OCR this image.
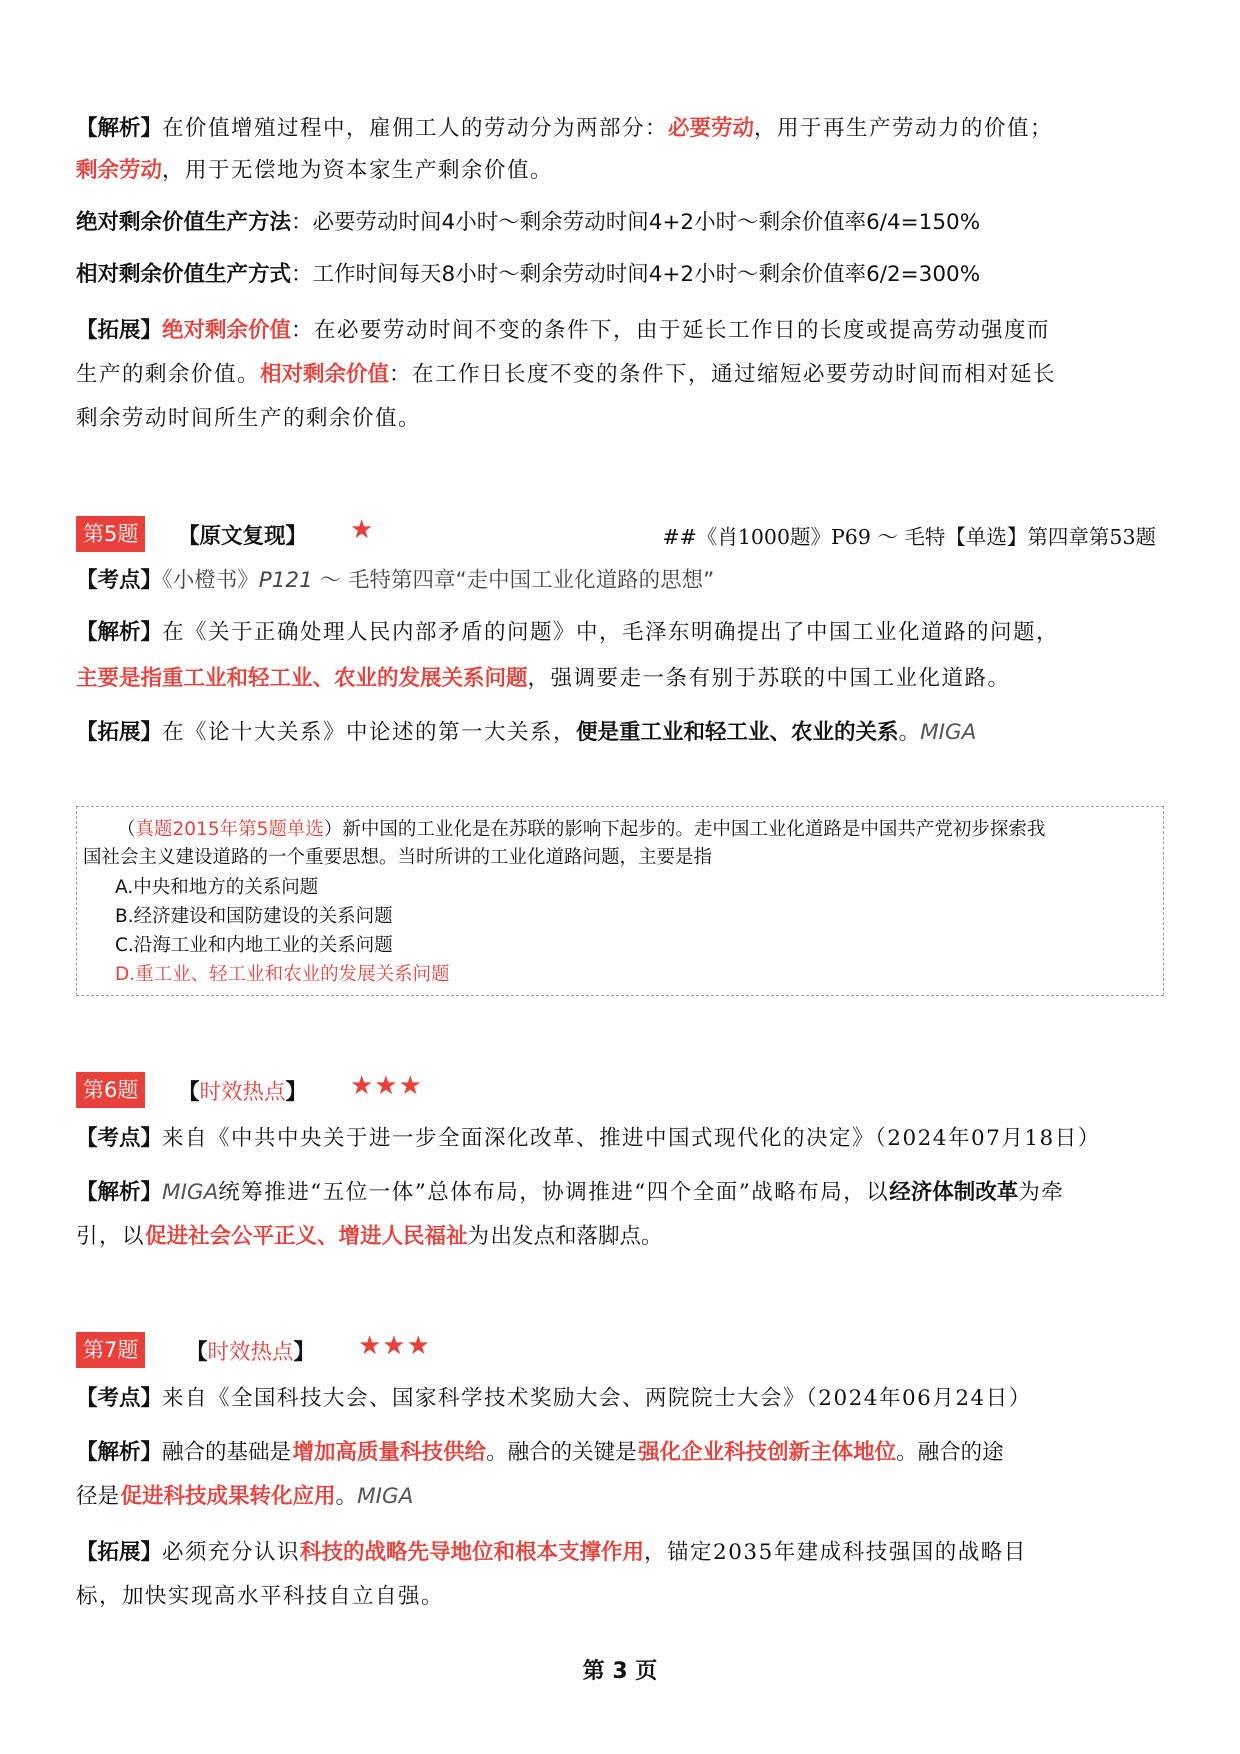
【解析】在价值增殖过程中，雇佣工人的劳动分为两部分：必要劳动，用于再生产劳动力的价值；
剩余劳动，用于无偿地为资本家生产剩余价值。
绝对剩余价值生产方法：必要劳动时间4小时～剩余劳动时间4+2小时～剩余价值率6/4=150%
相对剩余价值生产方式：工作时间每天8小时～剩余劳动时间4+2小时～剩余价值率6/2=300%
【拓展】绝对剩余价值：在必要劳动时间不变的条件下，由于延长工作日的长度或提高劳动强度而
生产的剩余价值。相对剩余价值：在工作日长度不变的条件下，通过缩短必要劳动时间而相对延长
剩余劳动时间所生产的剩余价值。
第5题	【原文复现】 ★	##《肖1000题》P69 ～ 毛特【单选】第四章第53题
【考点】《小橙书》P121 ～ 毛特第四章“走中国工业化道路的思想”
【解析】在《关于正确处理人民内部矛盾的问题》中，毛泽东明确提出了中国工业化道路的问题，
主要是指重工业和轻工业、农业的发展关系问题，强调要走一条有别于苏联的中国工业化道路。
【拓展】在《论十大关系》中论述的第一大关系，便是重工业和轻工业、农业的关系。MIGA
（真题2015年第5题单选）新中国的工业化是在苏联的影响下起步的。走中国工业化道路是中国共产党初步探索我
国社会主义建设道路的一个重要思想。当时所讲的工业化道路问题，主要是指
A.中央和地方的关系问题
B.经济建设和国防建设的关系问题
C.沿海工业和内地工业的关系问题
D.重工业、轻工业和农业的发展关系问题
第6题	【时效热点】 ★★★
【考点】来自《中共中央关于进一步全面深化改革、推进中国式现代化的决定》（2024年07月18日）
【解析】MIGA统筹推进“五位一体”总体布局，协调推进“四个全面”战略布局，以经济体制改革为牵
引，以促进社会公平正义、增进人民福祉为出发点和落脚点。
第7题	【时效热点】 ★★★
【考点】来自《全国科技大会、国家科学技术奖励大会、两院院士大会》（2024年06月24日）
【解析】融合的基础是增加高质量科技供给。融合的关键是强化企业科技创新主体地位。融合的途
径是促进科技成果转化应用。MIGA
【拓展】必须充分认识科技的战略先导地位和根本支撑作用，锚定2035年建成科技强国的战略目
标，加快实现高水平科技自立自强。
第 3 页
